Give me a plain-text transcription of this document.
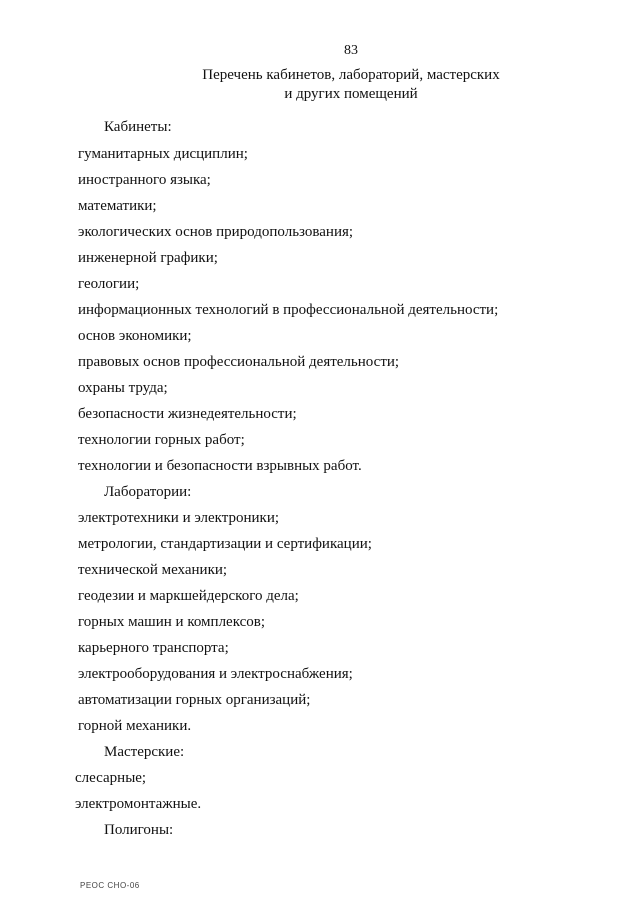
83
Перечень кабинетов, лабораторий, мастерских
и других помещений
Кабинеты:
гуманитарных дисциплин;
иностранного языка;
математики;
экологических основ природопользования;
инженерной графики;
геологии;
информационных технологий в профессиональной деятельности;
основ экономики;
правовых основ профессиональной деятельности;
охраны труда;
безопасности жизнедеятельности;
технологии горных работ;
технологии и безопасности взрывных работ.
Лаборатории:
электротехники и электроники;
метрологии, стандартизации и сертификации;
технической механики;
геодезии и маркшейдерского дела;
горных машин и комплексов;
карьерного транспорта;
электрооборудования и электроснабжения;
автоматизации горных организаций;
горной механики.
Мастерские:
слесарные;
электромонтажные.
Полигоны:
РЕОС СНО-06
